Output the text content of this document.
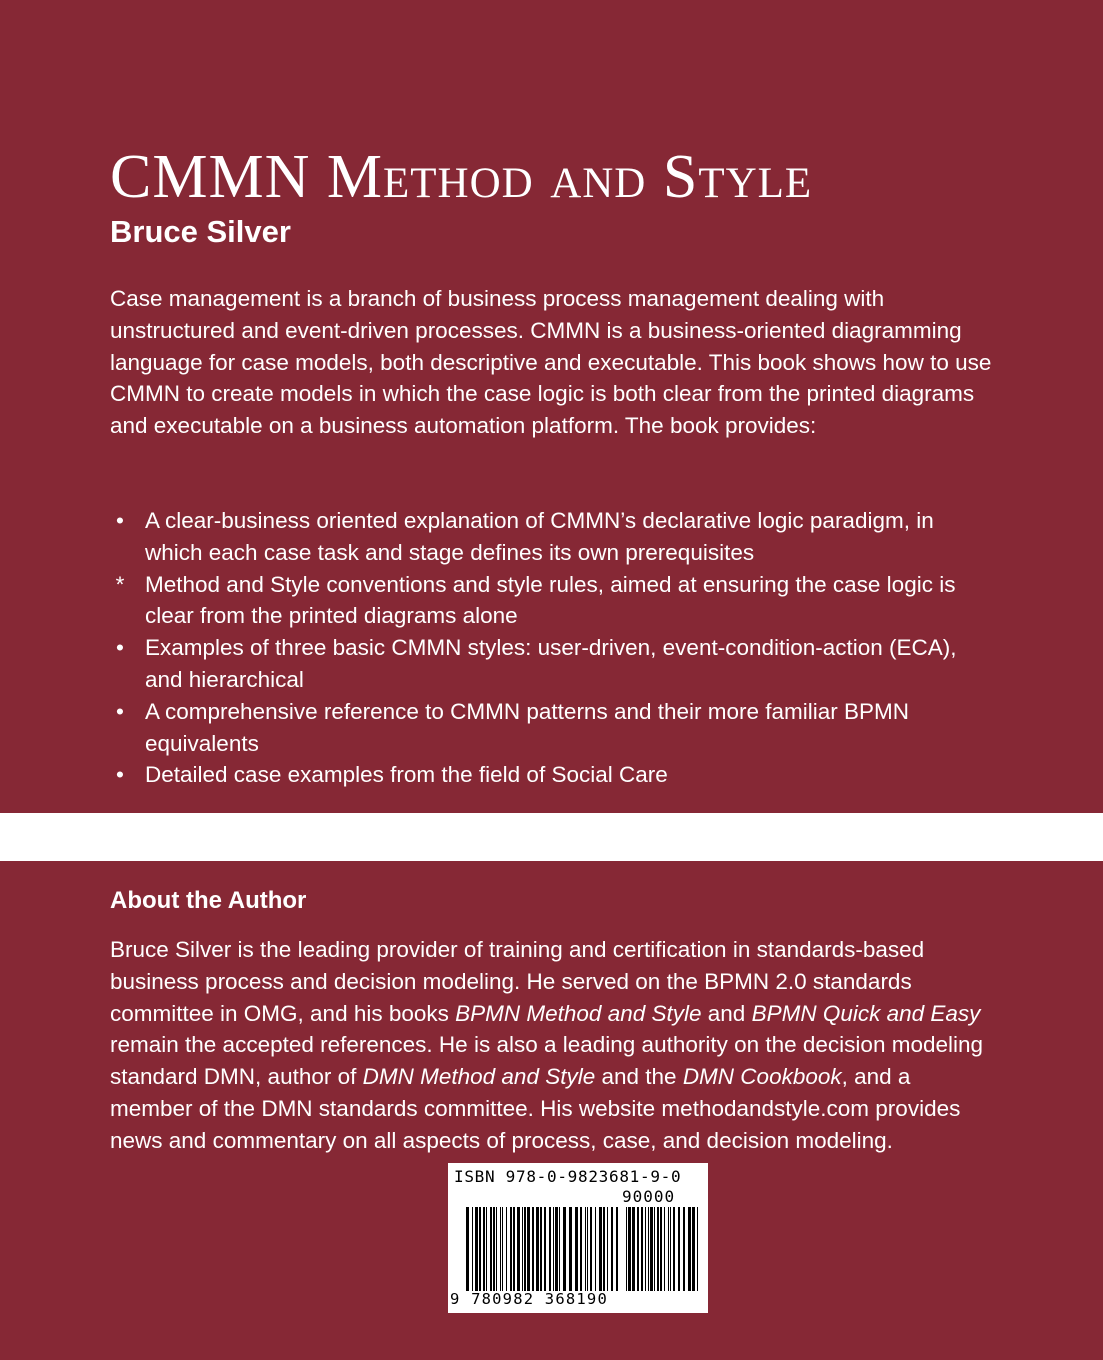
CMMN Method and Style
Bruce Silver

Case management is a branch of business process management dealing with unstructured and event-driven processes. CMMN is a business-oriented diagramming language for case models, both descriptive and executable. This book shows how to use CMMN to create models in which the case logic is both clear from the printed diagrams and executable on a business automation platform. The book provides:

• A clear-business oriented explanation of CMMN’s declarative logic paradigm, in which each case task and stage defines its own prerequisites
* Method and Style conventions and style rules, aimed at ensuring the case logic is clear from the printed diagrams alone
• Examples of three basic CMMN styles: user-driven, event-condition-action (ECA), and hierarchical
• A comprehensive reference to CMMN patterns and their more familiar BPMN equivalents
• Detailed case examples from the field of Social Care
About the Author

Bruce Silver is the leading provider of training and certification in standards-based business process and decision modeling. He served on the BPMN 2.0 standards committee in OMG, and his books BPMN Method and Style and BPMN Quick and Easy remain the accepted references. He is also a leading authority on the decision modeling standard DMN, author of DMN Method and Style and the DMN Cookbook, and a member of the DMN standards committee. His website methodandstyle.com provides news and commentary on all aspects of process, case, and decision modeling.

ISBN 978-0-9823681-9-0

90000

9 780982 368190
